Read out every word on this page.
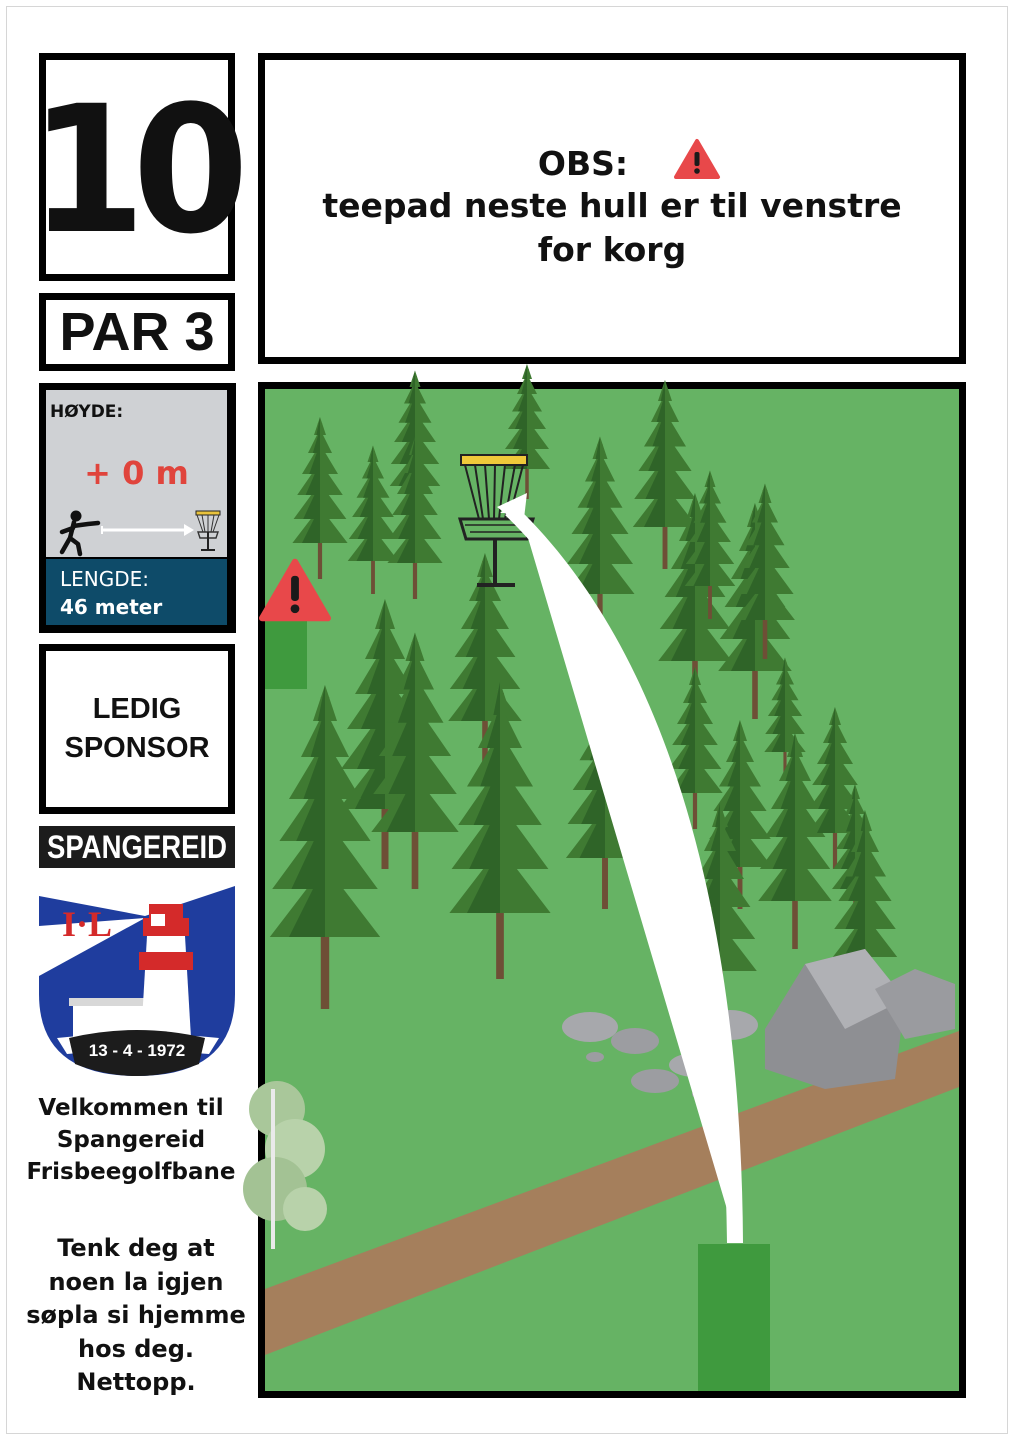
10
PAR 3
HØYDE:
+ 0 m
LENGDE:
46 meter
LEDIG
SPONSOR
SPANGEREID
I·L
13 - 4 - 1972
Velkommen til
Spangereid
Frisbeegolfbane
Tenk deg at
noen la igjen
søpla si hjemme
hos deg.
Nettopp.
OBS:
teepad neste hull er til venstre
for korg
